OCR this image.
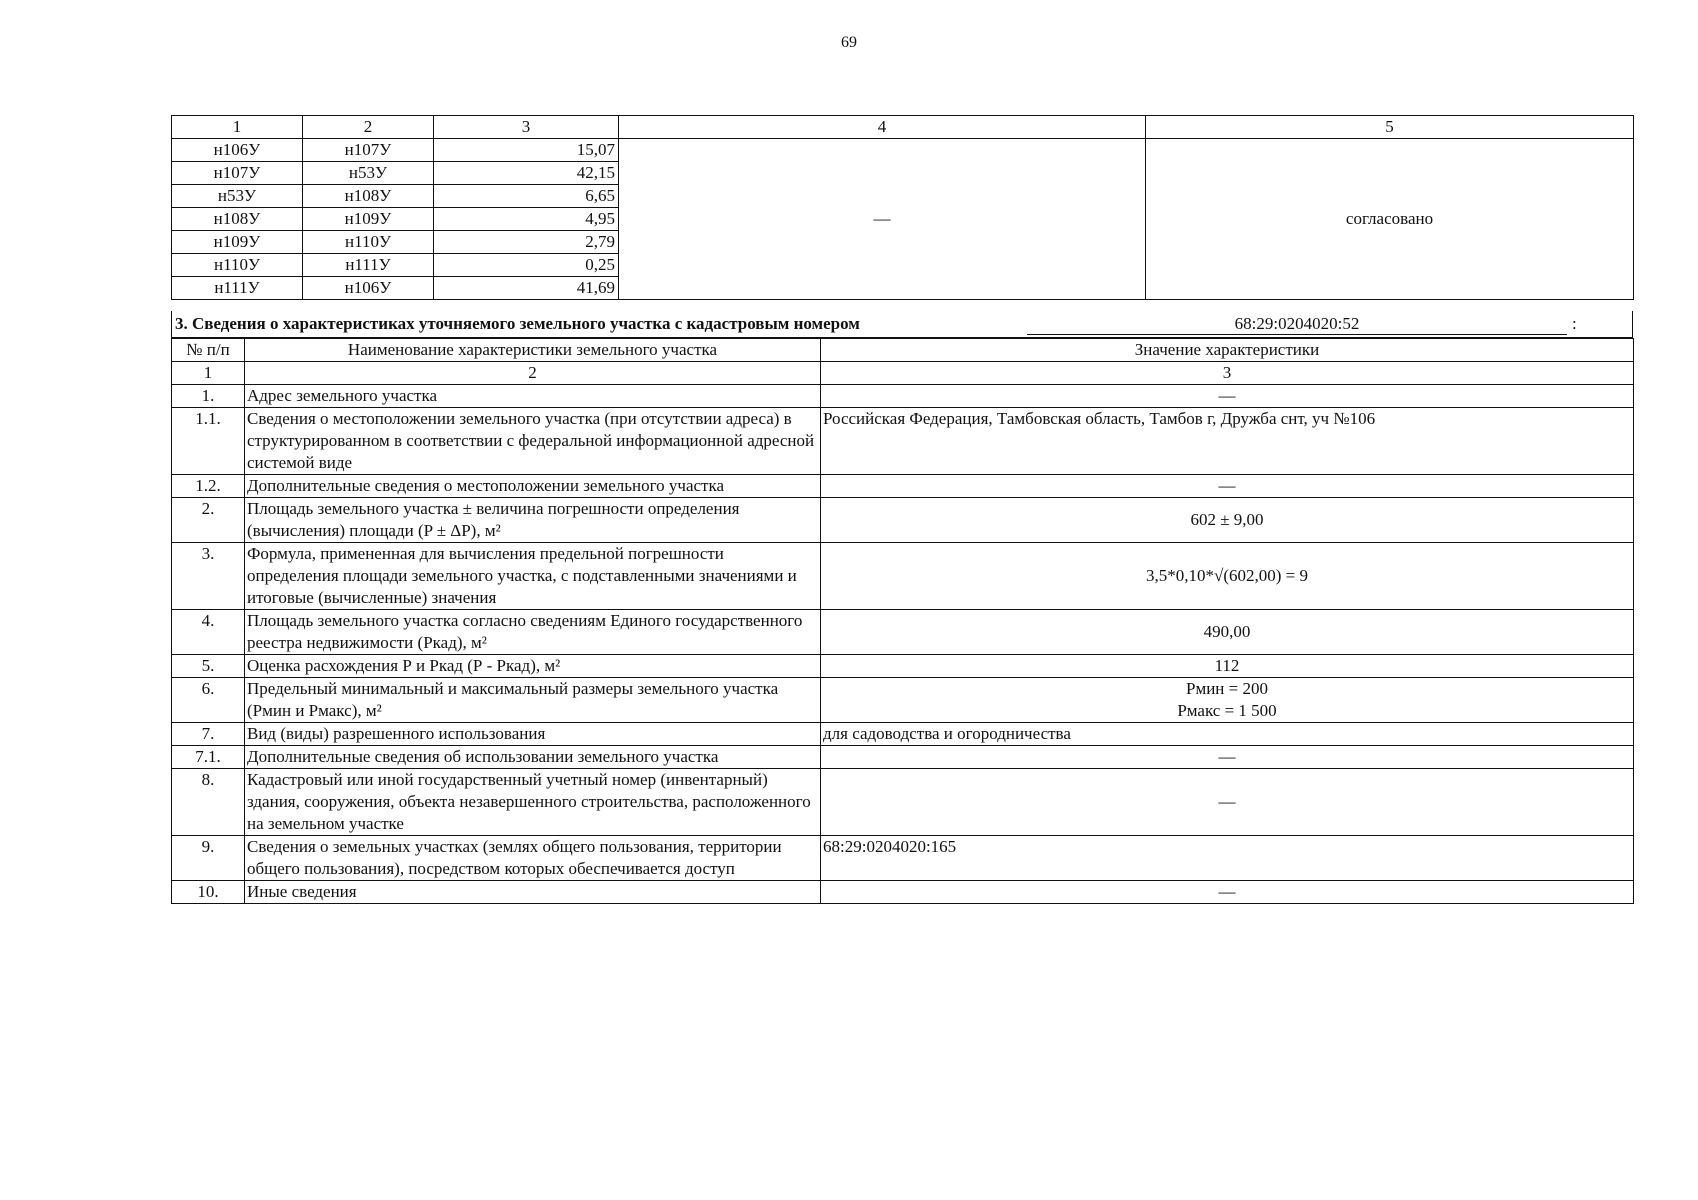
69
1	2	3	4	5
н106У	н107У	15,07	—	согласовано
н107У	н53У	42,15		
н53У	н108У	6,65		
н108У	н109У	4,95		
н109У	н110У	2,79		
н110У	н111У	0,25		
н111У	н106У	41,69		
3. Сведения о характеристиках уточняемого земельного участка с кадастровым номером	68:29:0204020:52	:
№ п/п	Наименование характеристики земельного участка	Значение характеристики
1	2	3
1.	Адрес земельного участка	—
1.1.	Сведения о местоположении земельного участка (при отсутствии адреса) в структурированном в соответствии с федеральной информационной адресной системой виде	Российская Федерация, Тамбовская область, Тамбов г, Дружба снт, уч №106
1.2.	Дополнительные сведения о местоположении земельного участка	—
2.	Площадь земельного участка ± величина погрешности определения (вычисления) площади (P ± ΔP), м²	602 ± 9,00
3.	Формула, примененная для вычисления предельной погрешности определения площади земельного участка, с подставленными значениями и итоговые (вычисленные) значения	3,5*0,10*√(602,00) = 9
4.	Площадь земельного участка согласно сведениям Единого государственного реестра недвижимости (Ркад), м²	490,00
5.	Оценка расхождения Р и Ркад (Р - Ркад), м²	112
6.	Предельный минимальный и максимальный размеры земельного участка (Рмин и Рмакс), м²	Рмин = 200
Рмакс = 1 500

7.	Вид (виды) разрешенного использования	для садоводства и огородничества
7.1.	Дополнительные сведения об использовании земельного участка	—
8.	Кадастровый или иной государственный учетный номер (инвентарный) здания, сооружения, объекта незавершенного строительства, расположенного на земельном участке	—
9.	Сведения о земельных участках (землях общего пользования, территории общего пользования), посредством которых обеспечивается доступ	68:29:0204020:165
10.	Иные сведения	—
